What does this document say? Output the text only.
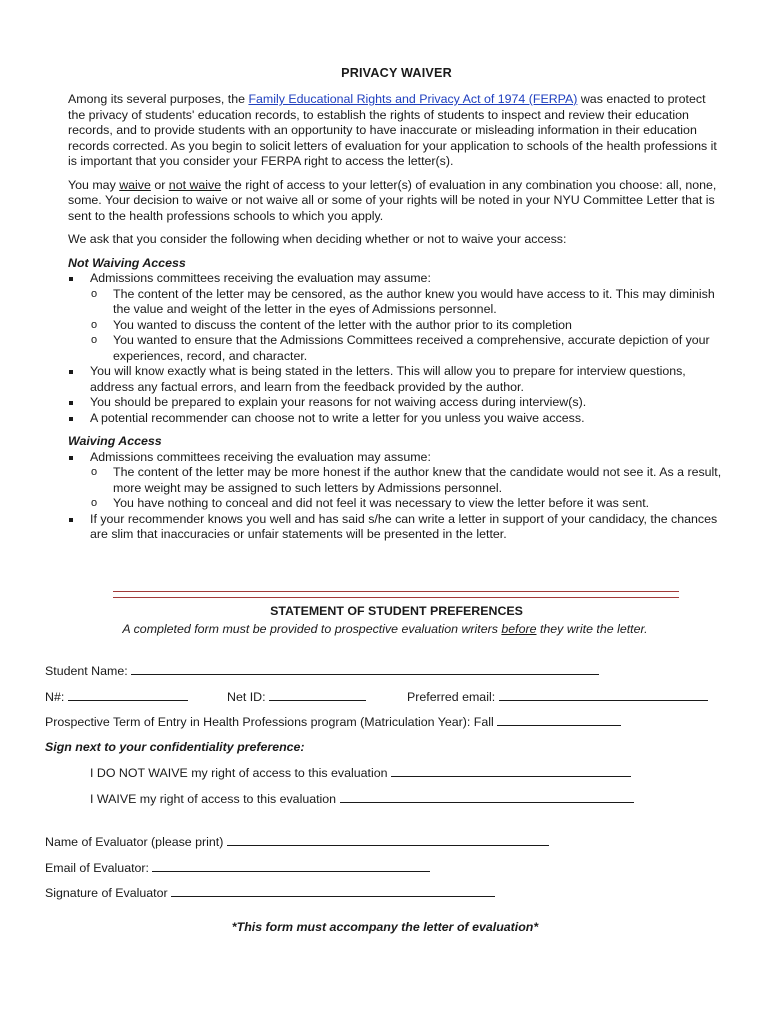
PRIVACY WAIVER

Among its several purposes, the Family Educational Rights and Privacy Act of 1974 (FERPA) was enacted to protect the privacy of students' education records, to establish the rights of students to inspect and review their education records, and to provide students with an opportunity to have inaccurate or misleading information in their education records corrected. As you begin to solicit letters of evaluation for your application to schools of the health professions it is important that you consider your FERPA right to access the letter(s).

You may waive or not waive the right of access to your letter(s) of evaluation in any combination you choose: all, none, some. Your decision to waive or not waive all or some of your rights will be noted in your NYU Committee Letter that is sent to the health professions schools to which you apply.

We ask that you consider the following when deciding whether or not to waive your access:

Not Waiving Access
Admissions committees receiving the evaluation may assume:
o The content of the letter may be censored, as the author knew you would have access to it. This may diminish the value and weight of the letter in the eyes of Admissions personnel.
o You wanted to discuss the content of the letter with the author prior to its completion
o You wanted to ensure that the Admissions Committees received a comprehensive, accurate depiction of your experiences, record, and character.
You will know exactly what is being stated in the letters. This will allow you to prepare for interview questions, address any factual errors, and learn from the feedback provided by the author.
You should be prepared to explain your reasons for not waiving access during interview(s).
A potential recommender can choose not to write a letter for you unless you waive access.
Waiving Access
Admissions committees receiving the evaluation may assume:
o The content of the letter may be more honest if the author knew that the candidate would not see it. As a result, more weight may be assigned to such letters by Admissions personnel.
o You have nothing to conceal and did not feel it was necessary to view the letter before it was sent.
If your recommender knows you well and has said s/he can write a letter in support of your candidacy, the chances are slim that inaccuracies or unfair statements will be presented in the letter.
STATEMENT OF STUDENT PREFERENCES
A completed form must be provided to prospective evaluation writers before they write the letter.
Student Name:
N#:	Net ID:	Preferred email:
Prospective Term of Entry in Health Professions program (Matriculation Year): Fall
Sign next to your confidentiality preference:
I DO NOT WAIVE my right of access to this evaluation
I WAIVE my right of access to this evaluation
Name of Evaluator (please print)
Email of Evaluator:
Signature of Evaluator
*This form must accompany the letter of evaluation*
